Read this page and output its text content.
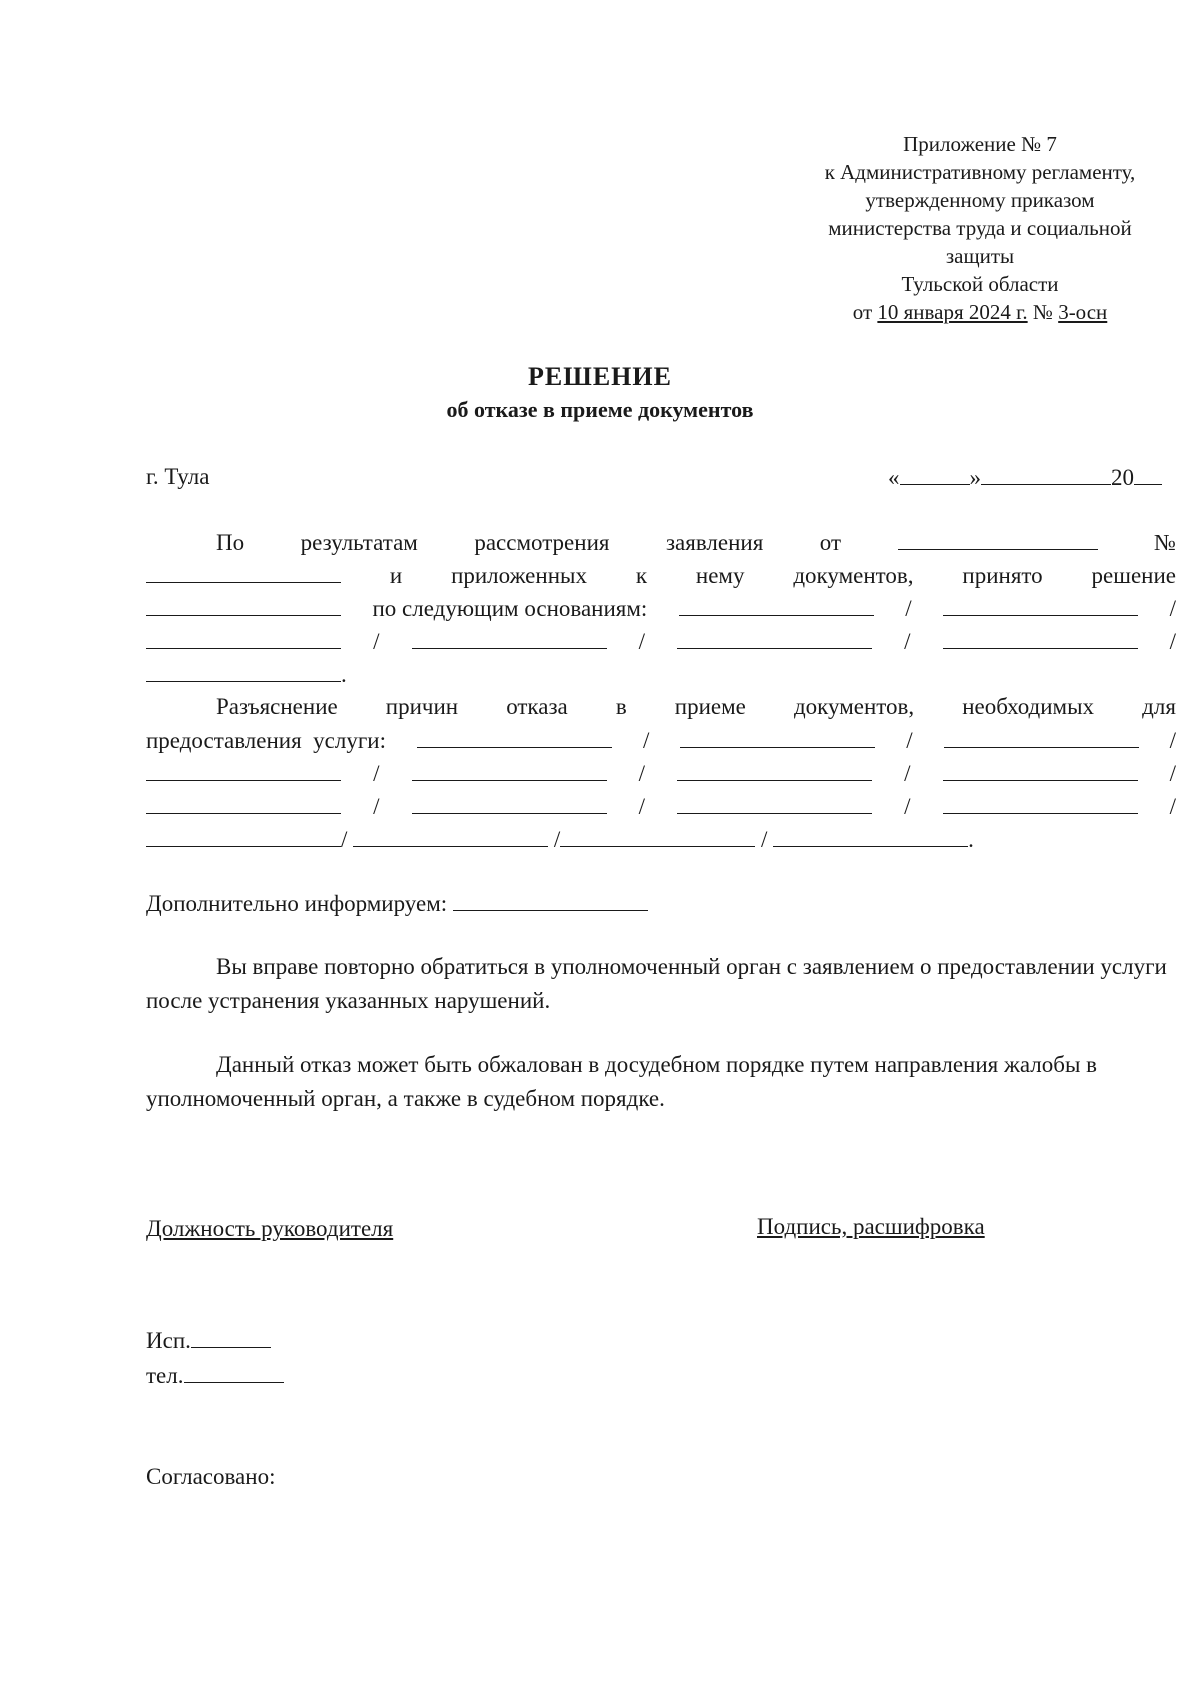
Приложение № 7
к Административному регламенту,
утвержденному приказом
министерства труда и социальной
защиты
Тульской области
от 10 января 2024 г. № 3-осн
РЕШЕНИЕ
об отказе в приеме документов
г. Тула	«	»	20
По результатам рассмотрения заявления от	№
и приложенных к нему документов, принято решение
по следующим основаниям:	/	/
/	/	/	/
.
Разъяснение причин отказа в приеме документов, необходимых для
предоставления  услуги:	/	/	/
/	/	/	/
/	/	/	/
/	/	/	.
Дополнительно информируем:
Вы вправе повторно обратиться в уполномоченный орган с заявлением о предоставлении услуги после устранения указанных нарушений.
Данный отказ может быть обжалован в досудебном порядке путем направления жалобы в уполномоченный орган, а также в судебном порядке.
Должность руководителя	Подпись, расшифровка
Исп.
тел.
Согласовано:
